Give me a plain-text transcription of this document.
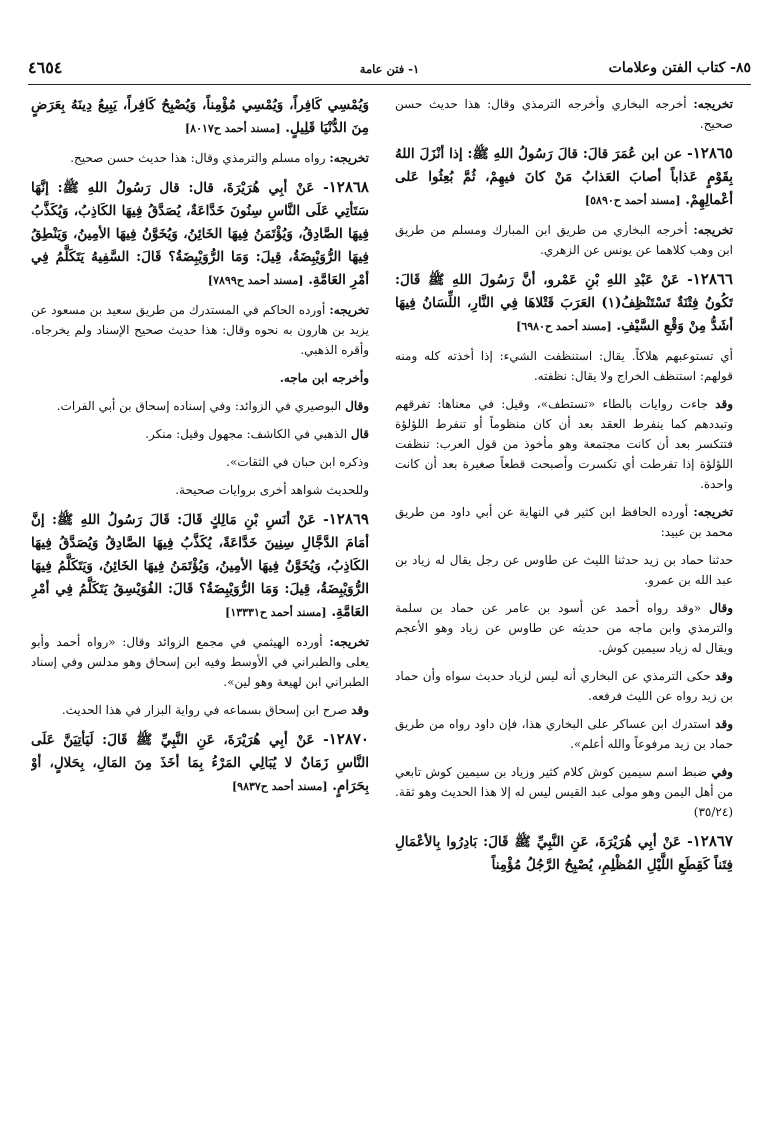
٨٥- كتاب الفتن وعلامات
١- فتن عامة
٤٦٥٤

تخريجه: أخرجه البخاري وأخرجه الترمذي وقال: هذا حديث حسن صحيح.

١٢٨٦٥- عن ابن عُمَرَ قالَ: قالَ رَسُولُ اللهِ ﷺ: إذا أنْزَلَ اللهُ بِقَوْمٍ عَذاباً أصابَ العَذابُ مَنْ كانَ فيهِمْ، ثُمَّ بُعِثُوا عَلى أعْمالِهِمْ. [مسند أحمد ح٥٨٩٠]

تخريجه: أخرجه البخاري من طريق ابن المبارك ومسلم من طريق ابن وهب كلاهما عن يونس عن الزهري.

١٢٨٦٦- عَنْ عَبْدِ اللهِ بْنِ عَمْرو، أنَّ رَسُولَ اللهِ ﷺ قَالَ: تَكُونُ فِتْنَةٌ تَسْتَنْظِفُ(١) العَرَبَ قَتْلاهَا فِي النَّارِ، اللِّسَانُ فِيهَا أشَدُّ مِنْ وَقْعِ السَّيْفِ. [مسند أحمد ح٦٩٨٠]

أي تستوعبهم هلاكاً. يقال: استنظفت الشيء: إذا أخذته كله ومنه قولهم: استنظف الخراج ولا يقال: نظفته.

وقد جاءت روايات بالطاء «تستطف»، وقيل: في معناها: تفرقهم وتبددهم كما ينفرط العقد بعد أن كان منظوماً أو تنفرط اللؤلؤة فتتكسر بعد أن كانت مجتمعة وهو مأخوذ من قول العرب: تنظفت اللؤلؤة إذا تفرطت أي تكسرت وأصبحت قطعاً صغيرة بعد أن كانت واحدة.

تخريجه: أورده الحافظ ابن كثير في النهاية عن أبي داود من طريق محمد بن عبيد:

حدثنا حماد بن زيد حدثنا الليث عن طاوس عن رجل يقال له زياد بن عبد الله بن عمرو.

وقال «وقد رواه أحمد عن أسود بن عامر عن حماد بن سلمة والترمذي وابن ماجه من حديثه عن طاوس عن زياد وهو الأعجم ويقال له زياد سيمين كوش.

وقد حكى الترمذي عن البخاري أنه ليس لزياد حديث سواه وأن حماد بن زيد رواه عن الليث فرفعه.

وقد استدرك ابن عساكر على البخاري هذا، فإن داود رواه من طريق حماد بن زيد مرفوعاً والله أعلم».

وفي ضبط اسم سيمين كوش كلام كثير وزياد بن سيمين كوش تابعي من أهل اليمن وهو مولى عبد القيس ليس له إلا هذا الحديث وهو ثقة. (٣٥/٢٤)

١٢٨٦٧- عَنْ أبِي هُرَيْرَةَ، عَنِ النَّبِيِّ ﷺ قَالَ: بَادِرُوا بِالأعْمَالِ فِتَناً كَقِطَعِ اللَّيْلِ المُظْلِمِ، يُصْبِحُ الرَّجُلُ مُؤْمِناً

وَيُمْسِي كَافِراً، وَيُمْسِي مُؤْمِناً، وَيُصْبِحُ كَافِراً، يَبِيعُ دِينَهُ بِعَرَضٍ مِنَ الدُّنْيَا قَلِيلٍ. [مسند أحمد ح٨٠١٧]

تخريجه: رواه مسلم والترمذي وقال: هذا حديث حسن صحيح.

١٢٨٦٨- عَنْ أبِي هُرَيْرَةَ، قال: قال رَسُولُ اللهِ ﷺ: إنَّهَا سَتَأتِي عَلَى النَّاسِ سِنُونَ خَدَّاعَةٌ، يُصَدَّقُ فِيهَا الكَاذِبُ، وَيُكَذَّبُ فِيهَا الصَّادِقُ، وَيُؤْتَمَنُ فِيهَا الخَائِنُ، وَيُخَوَّنُ فِيهَا الأمِينُ، وَيَنْطِقُ فِيهَا الرُّوَيْبِضَةُ، قِيلَ: وَمَا الرُّوَيْبِضَةُ؟ قَالَ: السَّفِيهُ يَتَكَلَّمُ فِي أمْرِ العَامَّةِ. [مسند أحمد ح٧٨٩٩]

تخريجه: أورده الحاكم في المستدرك من طريق سعيد بن مسعود عن يزيد بن هارون به نحوه وقال: هذا حديث صحيح الإسناد ولم يخرجاه. وأقره الذهبي.

وأخرجه ابن ماجه.

وقال البوصيري في الزوائد: وفي إسناده إسحاق بن أبي الفرات.

قال الذهبي في الكاشف: مجهول وقيل: منكر.

وذكره ابن حبان في الثقات».

وللحديث شواهد أخرى بروايات صحيحة.

١٢٨٦٩- عَنْ أنَسِ بْنِ مَالِكٍ قَالَ: قَالَ رَسُولُ اللهِ ﷺ: إنَّ أمَامَ الدَّجَّالِ سِنِينَ خَدَّاعَةً، يُكَذَّبُ فِيهَا الصَّادِقُ وَيُصَدَّقُ فِيهَا الكَاذِبُ، وَيُخَوَّنُ فِيهَا الأمِينُ، وَيُؤْتَمَنُ فِيهَا الخَائِنُ، وَيَتَكَلَّمُ فِيهَا الرُّوَيْبِضَةُ، قِيلَ: وَمَا الرُّوَيْبِضَةُ؟ قَالَ: الفُوَيْسِقُ يَتَكَلَّمُ فِي أمْرِ العَامَّةِ. [مسند أحمد ح١٣٣٣١]

تخريجه: أورده الهيثمي في مجمع الزوائد وقال: «رواه أحمد وأبو يعلى والطبراني في الأوسط وفيه ابن إسحاق وهو مدلس وفي إسناد الطبراني ابن لهيعة وهو لين».

وقد صرح ابن إسحاق بسماعه في رواية البزار في هذا الحديث.

١٢٨٧٠- عَنْ أبِي هُرَيْرَةَ، عَنِ النَّبِيِّ ﷺ قَالَ: لَيَأتِيَنَّ عَلَى النَّاسِ زَمَانٌ لا يُبَالِي المَرْءُ بِمَا أخَذَ مِنَ المَالِ، بِحَلالٍ، أوْ بِحَرَامٍ. [مسند أحمد ح٩٨٣٧]
